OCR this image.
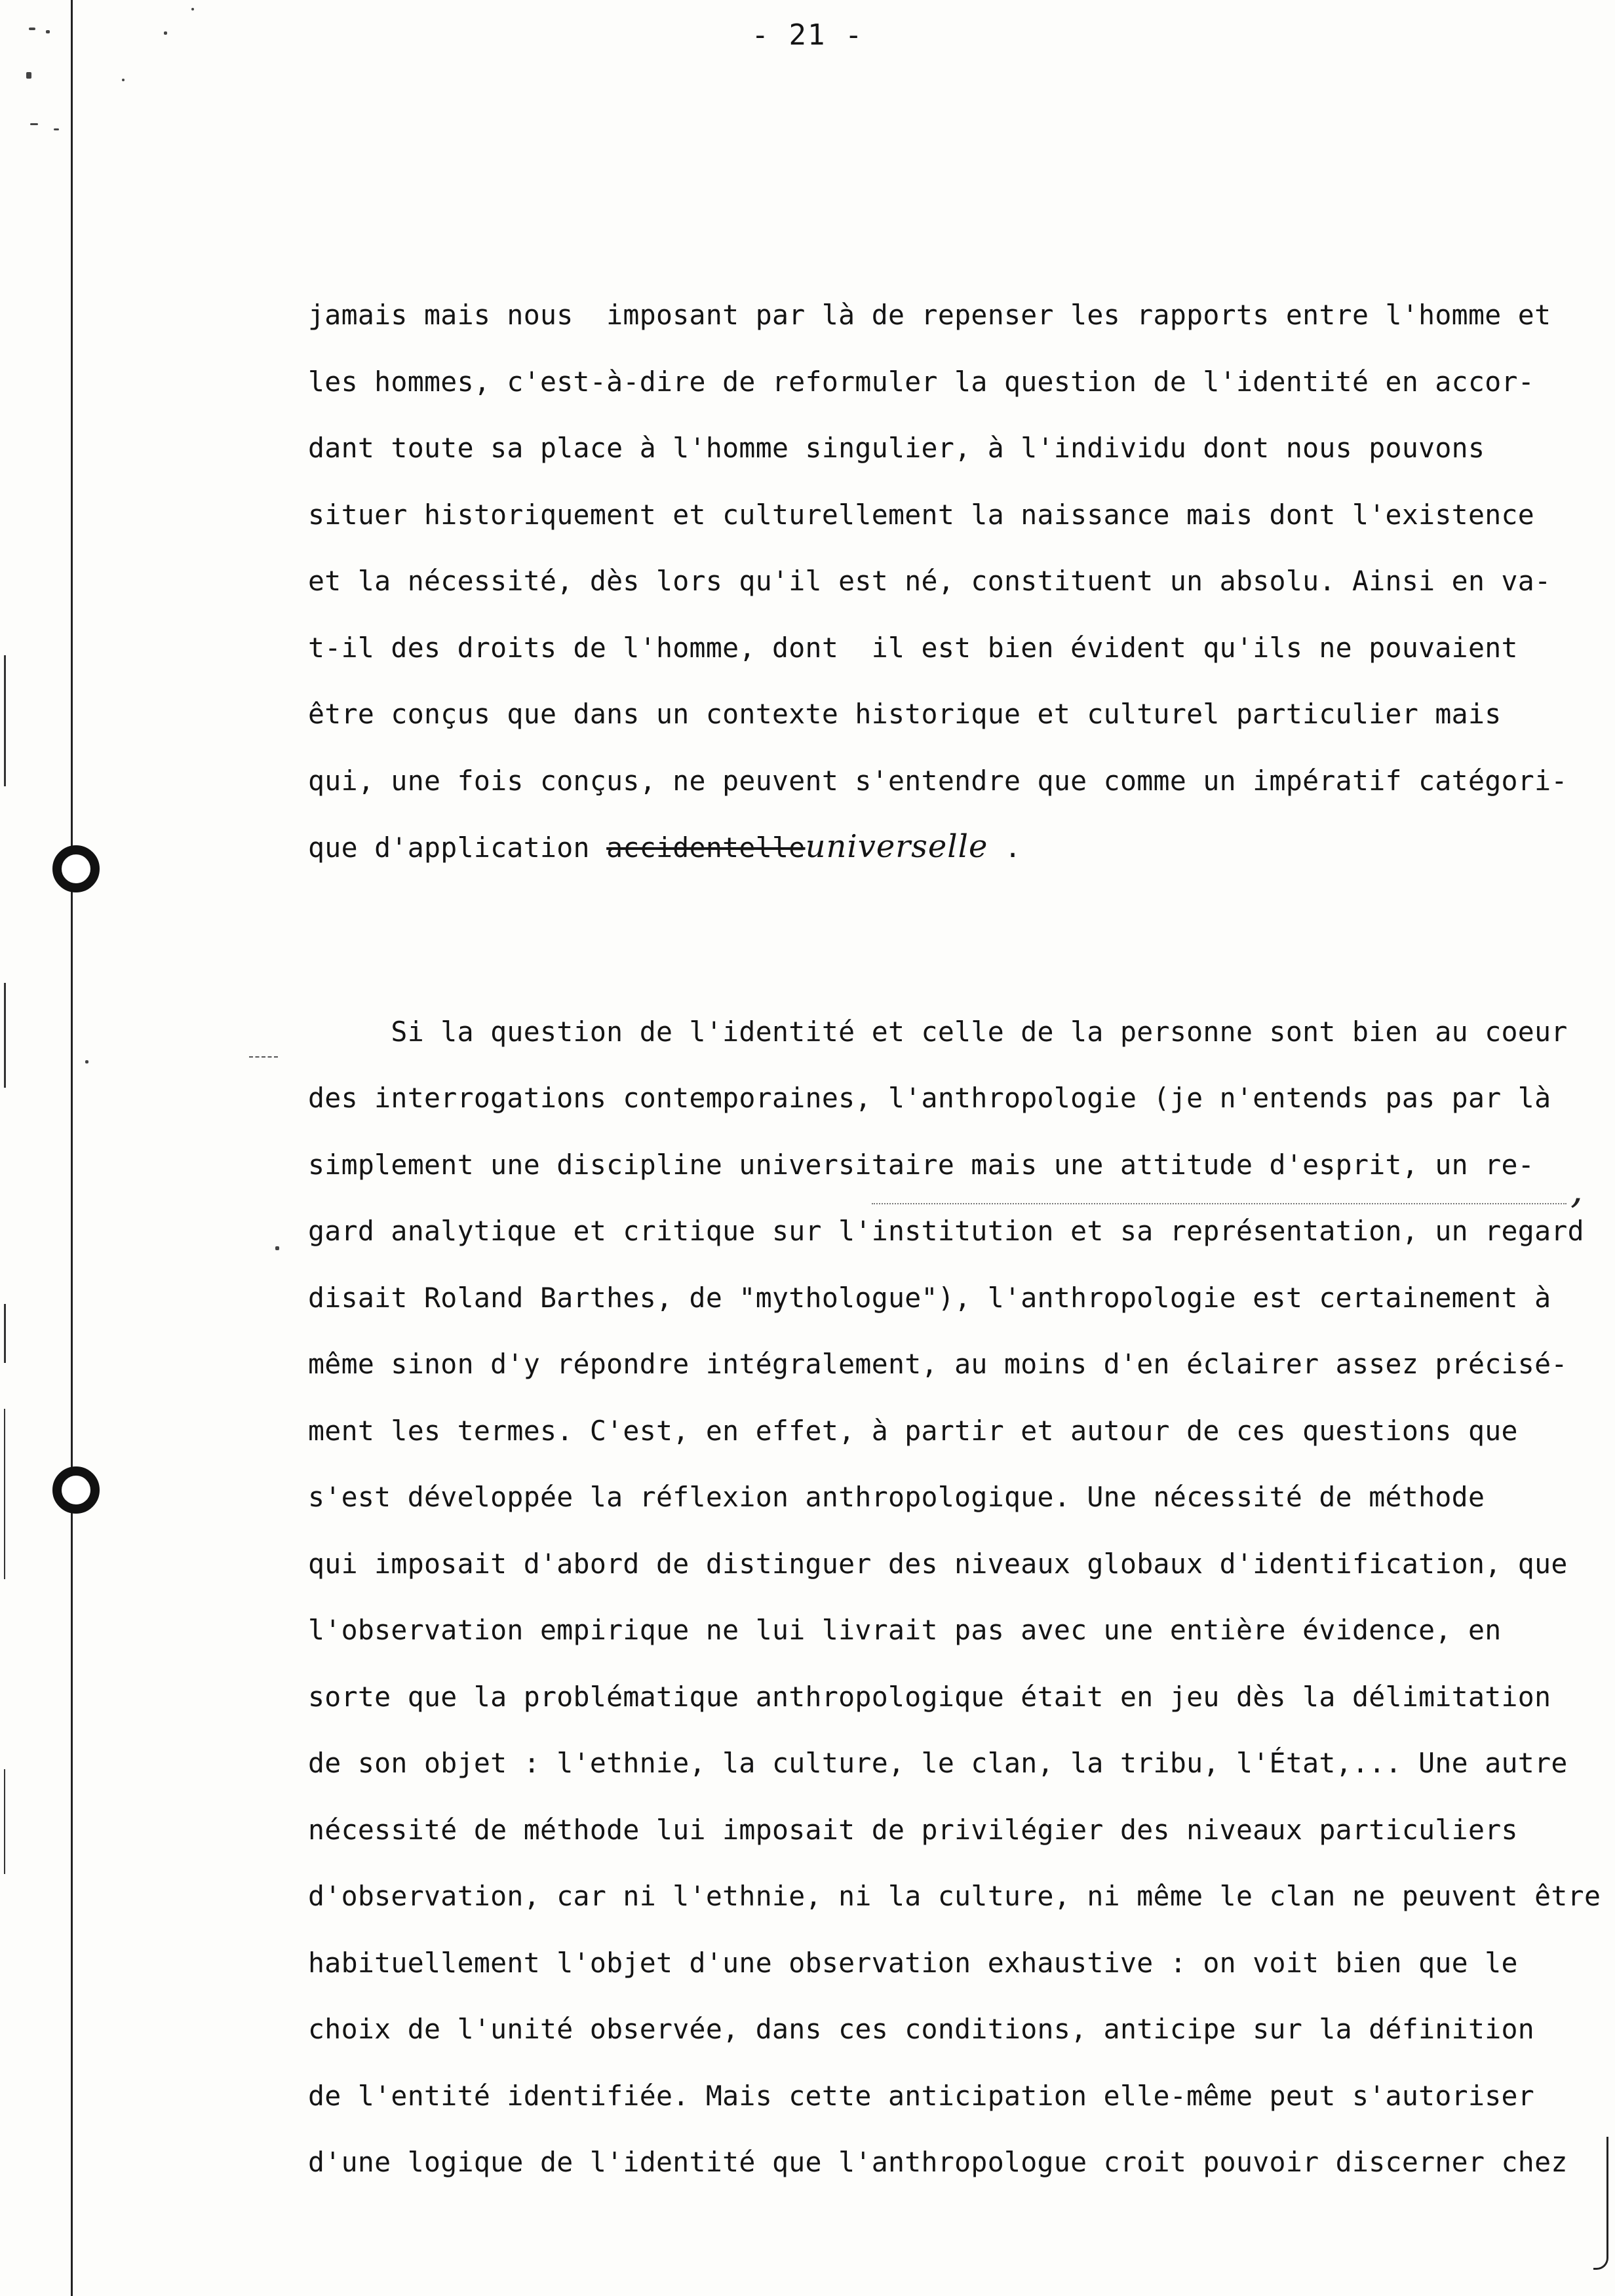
- 21 -
jamais mais nous  imposant par là de repenser les rapports entre l'homme et
les hommes, c'est-à-dire de reformuler la question de l'identité en accor-
dant toute sa place à l'homme singulier, à l'individu dont nous pouvons
situer historiquement et culturellement la naissance mais dont l'existence
et la nécessité, dès lors qu'il est né, constituent un absolu. Ainsi en va-
t-il des droits de l'homme, dont  il est bien évident qu'ils ne pouvaient
être conçus que dans un contexte historique et culturel particulier mais
qui, une fois conçus, ne peuvent s'entendre que comme un impératif catégori-
que d'application accidentelleuniverselle .
Si la question de l'identité et celle de la personne sont bien au coeur
des interrogations contemporaines, l'anthropologie (je n'entends pas par là
simplement une discipline universitaire mais une attitude d'esprit, un re-
gard analytique et critique sur l'institution et sa représentation, un regard
disait Roland Barthes, de "mythologue"), l'anthropologie est certainement à
même sinon d'y répondre intégralement, au moins d'en éclairer assez précisé-
ment les termes. C'est, en effet, à partir et autour de ces questions que
s'est développée la réflexion anthropologique. Une nécessité de méthode
qui imposait d'abord de distinguer des niveaux globaux d'identification, que
l'observation empirique ne lui livrait pas avec une entière évidence, en
sorte que la problématique anthropologique était en jeu dès la délimitation
de son objet : l'ethnie, la culture, le clan, la tribu, l'État,... Une autre
nécessité de méthode lui imposait de privilégier des niveaux particuliers
d'observation, car ni l'ethnie, ni la culture, ni même le clan ne peuvent être
habituellement l'objet d'une observation exhaustive : on voit bien que le
choix de l'unité observée, dans ces conditions, anticipe sur la définition
de l'entité identifiée. Mais cette anticipation elle-même peut s'autoriser
d'une logique de l'identité que l'anthropologue croit pouvoir discerner chez
,
